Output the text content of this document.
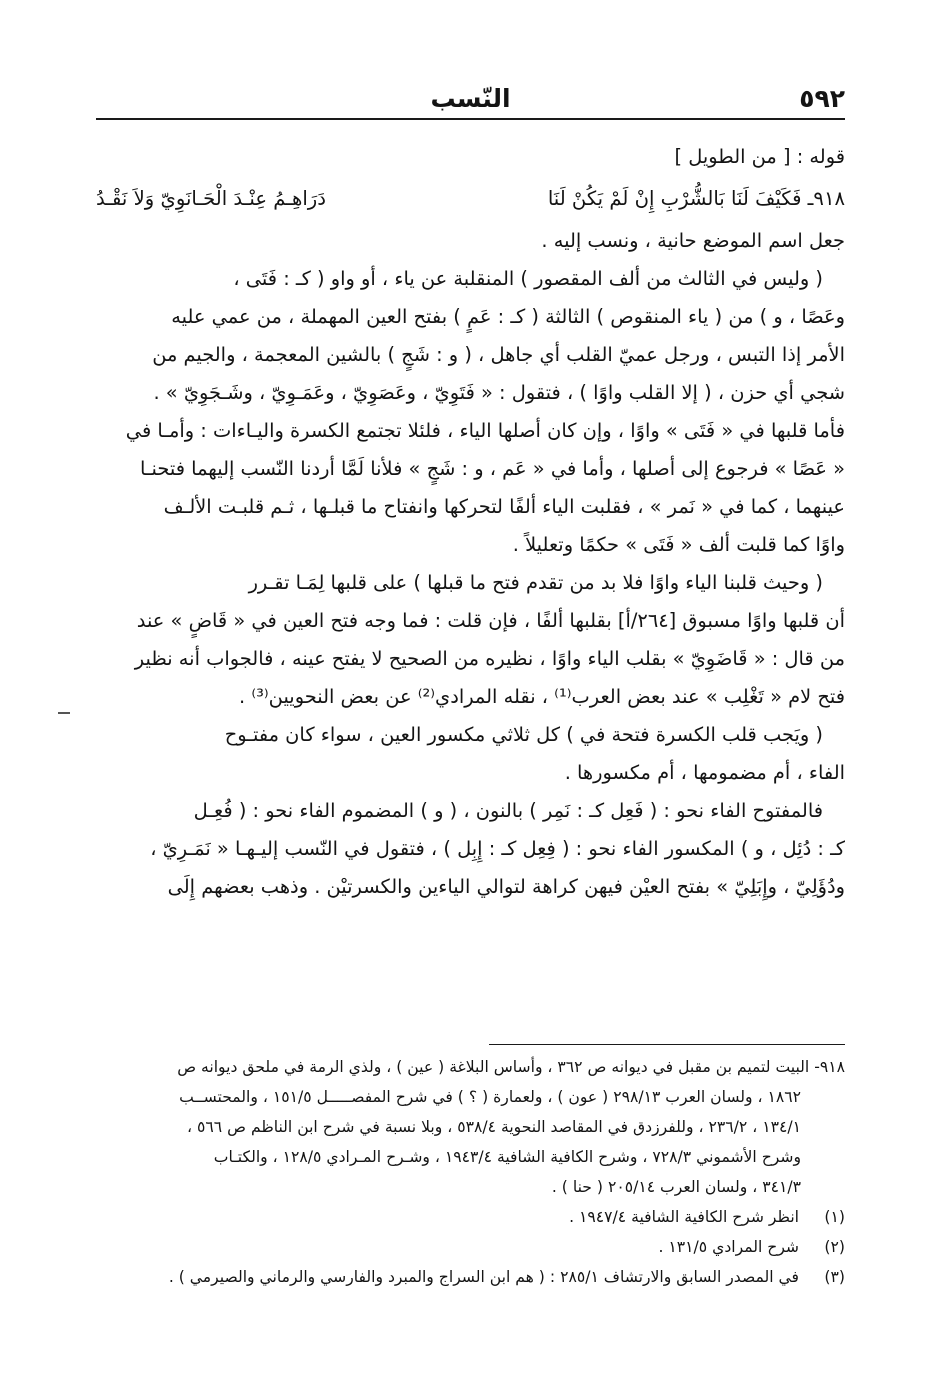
٥٩٢
النّسب
قوله : [ من الطويل ]
٩١٨ـ فَكَيْفَ لَنَا بَالشُّرْبِ إِنْ لَمْ يَكُنْ لَنَا
دَرَاهِـمُ عِنْـدَ الْحَـانَوِيّ وَلاَ نَقْـدُ
جعل اسم الموضع حانية ، ونسب إليه .
( وليس في الثالث من ألف المقصور ) المنقلبة عن ياء ، أو واو ( كـ : فَتَى ،
وعَصًا ، و ) من ( ياء المنقوص ) الثالثة ( كـ : عَمٍ ) بفتح العين المهملة ، من عمي عليه
الأمر إذا التبس ، ورجل عميّ القلب أي جاهل ، ( و : شَجٍ ) بالشين المعجمة ، والجيم من
شجي أي حزن ، ( إلا القلب واوًا ) ، فتقول : « فَتَوِيّ ، وعَصَوِيّ ، وعَمَـوِيّ ، وشَـجَوِيّ » .
فأما قلبها في « فَتَى » واوًا ، وإن كان أصلها الياء ، فلئلا تجتمع الكسرة واليـاءات : وأمـا في
« عَصًا » فرجوع إلى أصلها ، وأما في « عَم ، و : شَجٍ » فلأنا لَمَّا أردنا النّسب إليهما فتحنـا
عينهما ، كما في « نَمر » ، فقلبت الياء ألفًا لتحركها وانفتاح ما قبلـها ، ثـم قلبـت الألـف
واوًا كما قلبت ألف « فَتَى » حكمًا وتعليلاً .
( وحيث قلبنا الياء واوًا فلا بد من تقدم فتح ما قبلها ) على قلبها لِمَـا تقـرر
أن قلبها واوًا مسبوق [٢٦٤/أ] بقلبها ألفًا ، فإن قلت : فما وجه فتح العين في « قَاضٍ » عند
من قال : « قَاضَوِيّ » بقلب الياء واوًا ، نظيره من الصحيح لا يفتح عينه ، فالجواب أنه نظير
فتح لام « تَغْلِب » عند بعض العرب⁽¹⁾ ، نقله المرادي⁽²⁾ عن بعض النحويين⁽³⁾ .
( ويَجب قلب الكسرة فتحة في ) كل ثلاثي مكسور العين ، سواء كان مفتـوح
الفاء ، أم مضمومها ، أم مكسورها .
فالمفتوح الفاء نحو : ( فَعِل كـ : نَمِر ) بالنون ، ( و ) المضموم الفاء نحو : ( فُعِـل
كـ : دُئِل ، و ) المكسور الفاء نحو : ( فِعِل كـ : إِبِل ) ، فتقول في النّسب إليـهـا « نَمَـرِيّ ،
ودُؤَلِيّ ، وإِبَلِيّ » بفتح العيْن فيهن كراهة لتوالي الياءين والكسرتيْن . وذهب بعضهم إِلَى
٩١٨- البيت لتميم بن مقبل في ديوانه ص ٣٦٢ ، وأساس البلاغة ( عين ) ، ولذي الرمة في ملحق ديوانه ص
١٨٦٢ ، ولسان العرب ٢٩٨/١٣ ( عون ) ، ولعمارة ( ؟ ) في شرح المفصـــــل ١٥١/٥ ، والمحتســب
١٣٤/١ ، ٢٣٦/٢ ، وللفرزدق في المقاصد النحوية ٥٣٨/٤ ، وبلا نسبة في شرح ابن الناظم ص ٥٦٦ ،
وشرح الأشموني ٧٢٨/٣ ، وشرح الكافية الشافية ١٩٤٣/٤ ، وشـرح المـرادي ١٢٨/٥ ، والكتـاب
٣٤١/٣ ، ولسان العرب ٢٠٥/١٤ ( حنا ) .
(١)
انظر شرح الكافية الشافية ١٩٤٧/٤ .
(٢)
شرح المرادي ١٣١/٥ .
(٣)
في المصدر السابق والارتشاف ٢٨٥/١ : ( هم ابن السراج والمبرد والفارسي والرماني والصيرمي ) .
